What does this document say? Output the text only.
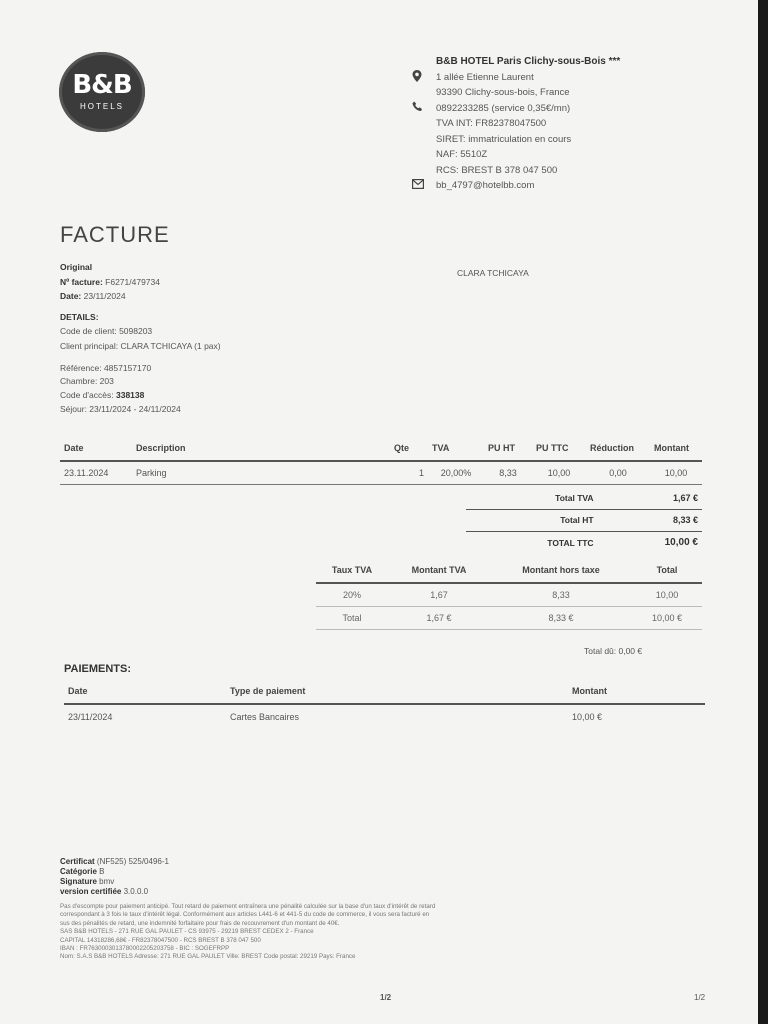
B&B
HOTELS
B&B HOTEL Paris Clichy-sous-Bois ***
1 allée Etienne Laurent
93390 Clichy-sous-bois, France
0892233285 (service 0,35€/mn)
TVA INT: FR82378047500
SIRET: immatriculation en cours
NAF: 5510Z
RCS: BREST B 378 047 500
bb_4797@hotelbb.com
FACTURE
Original
Nº facture: F6271/479734
Date: 23/11/2024
DETAILS:
Code de client: 5098203
Client principal: CLARA TCHICAYA (1 pax)
Référence: 4857157170
Chambre: 203
Code d'accès: 338138
Séjour: 23/11/2024 - 24/11/2024
CLARA TCHICAYA
Date	Description	Qte	TVA	PU HT	PU TTC	Réduction	Montant
23.11.2024	Parking	1	20,00%	8,33	10,00	0,00	10,00
Total TVA	1,67 €
Total HT	8,33 €
TOTAL TTC	10,00 €
Taux TVA	Montant TVA	Montant hors taxe	Total
20%	1,67	8,33	10,00
Total	1,67 €	8,33 €	10,00 €
Total dû: 0,00 €
PAIEMENTS:
Date	Type de paiement	Montant
23/11/2024	Cartes Bancaires	10,00 €
Certificat (NF525) 525/0496-1
Catégorie B
Signature bmv
version certifiée 3.0.0.0
Pas d'escompte pour paiement anticipé. Tout retard de paiement entraînera une pénalité calculée sur la base d'un taux d'intérêt de retard
correspondant à 3 fois le taux d'intérêt légal. Conformément aux articles L441-6 et 441-5 du code de commerce, il vous sera facturé en
sus des pénalités de retard, une indemnité forfaitaire pour frais de recouvrement d'un montant de 40€.
SAS B&B HOTELS - 271 RUE GAL PAULET - CS 93975 - 29219 BREST CEDEX 2 - France
CAPITAL 14318286,68€ - FR82378047500 - RCS BREST B 378 047 500
IBAN : FR7630003013780002205203758 - BIC : SOGEFRPP
Nom: S.A.S B&B HOTELS Adresse: 271 RUE GAL PAULET Ville: BREST Code postal: 29219 Pays: France
1/2	1/2
